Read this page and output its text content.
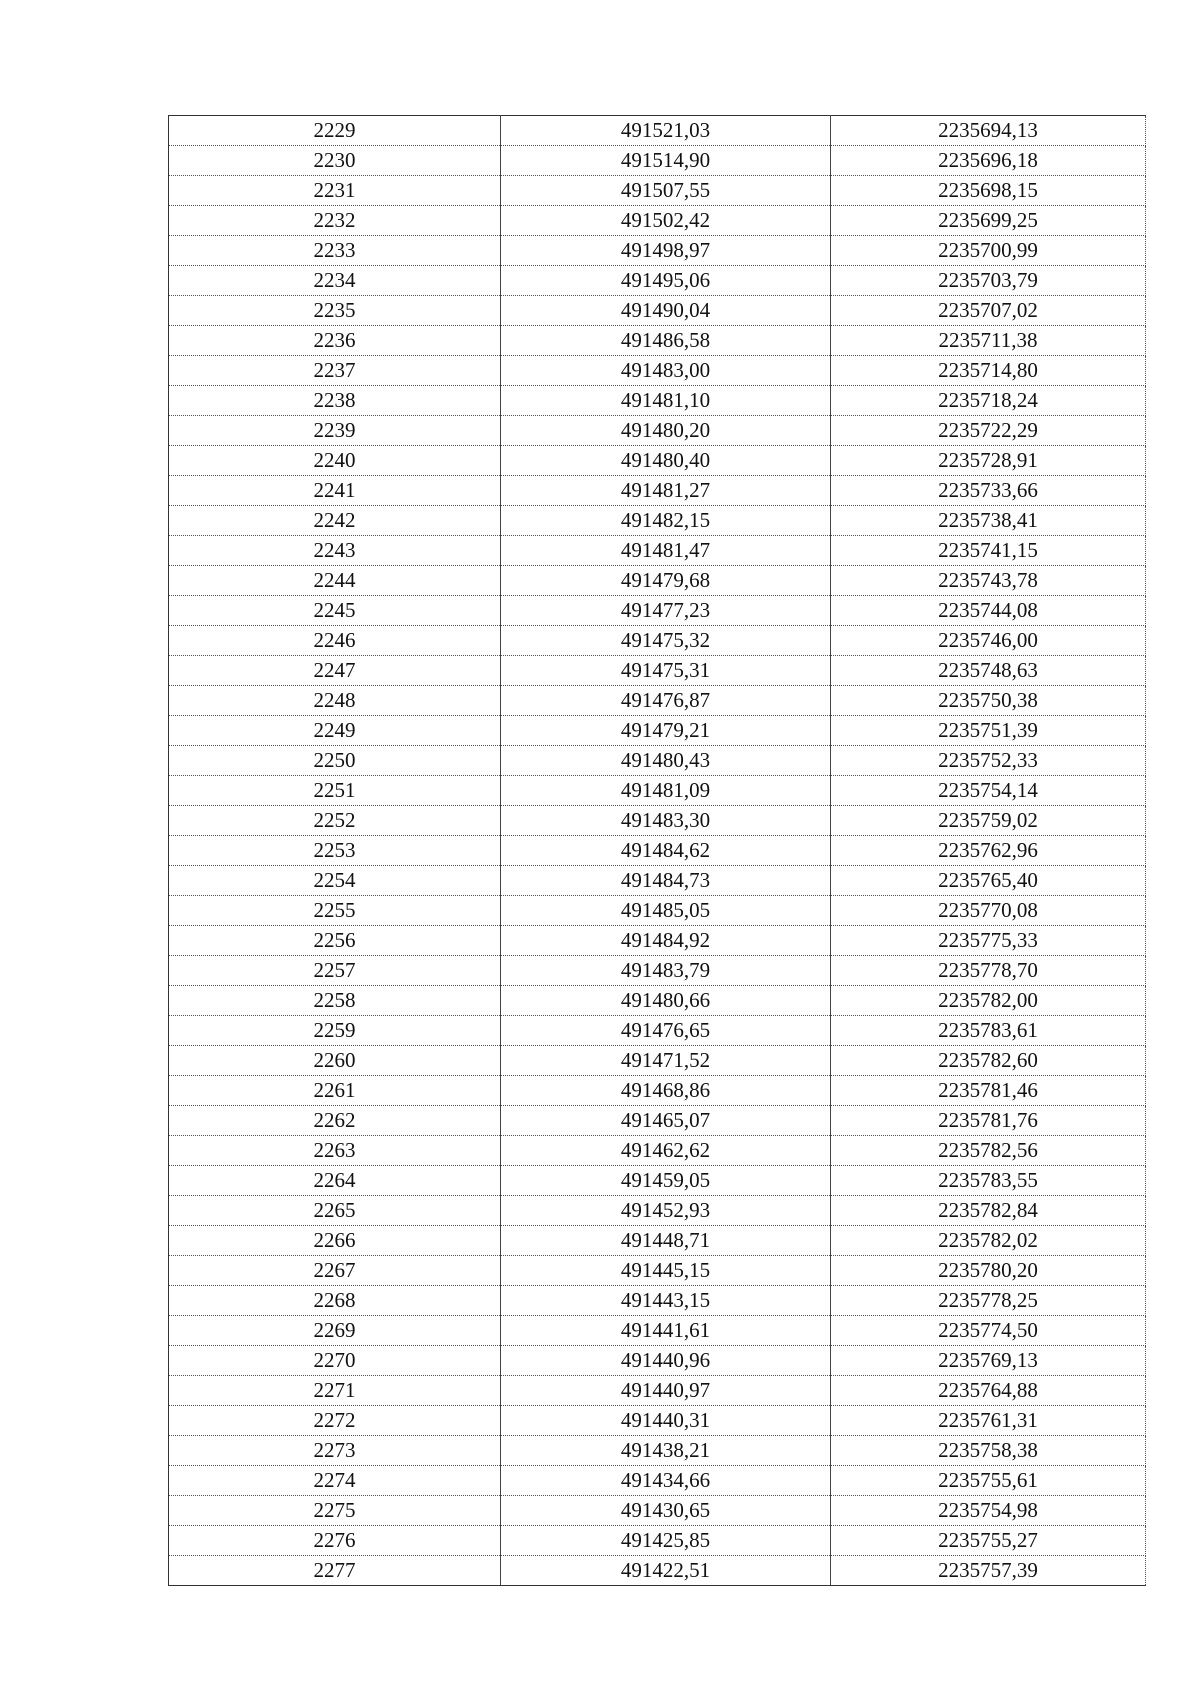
2229	491521,03	2235694,13
2230	491514,90	2235696,18
2231	491507,55	2235698,15
2232	491502,42	2235699,25
2233	491498,97	2235700,99
2234	491495,06	2235703,79
2235	491490,04	2235707,02
2236	491486,58	2235711,38
2237	491483,00	2235714,80
2238	491481,10	2235718,24
2239	491480,20	2235722,29
2240	491480,40	2235728,91
2241	491481,27	2235733,66
2242	491482,15	2235738,41
2243	491481,47	2235741,15
2244	491479,68	2235743,78
2245	491477,23	2235744,08
2246	491475,32	2235746,00
2247	491475,31	2235748,63
2248	491476,87	2235750,38
2249	491479,21	2235751,39
2250	491480,43	2235752,33
2251	491481,09	2235754,14
2252	491483,30	2235759,02
2253	491484,62	2235762,96
2254	491484,73	2235765,40
2255	491485,05	2235770,08
2256	491484,92	2235775,33
2257	491483,79	2235778,70
2258	491480,66	2235782,00
2259	491476,65	2235783,61
2260	491471,52	2235782,60
2261	491468,86	2235781,46
2262	491465,07	2235781,76
2263	491462,62	2235782,56
2264	491459,05	2235783,55
2265	491452,93	2235782,84
2266	491448,71	2235782,02
2267	491445,15	2235780,20
2268	491443,15	2235778,25
2269	491441,61	2235774,50
2270	491440,96	2235769,13
2271	491440,97	2235764,88
2272	491440,31	2235761,31
2273	491438,21	2235758,38
2274	491434,66	2235755,61
2275	491430,65	2235754,98
2276	491425,85	2235755,27
2277	491422,51	2235757,39
